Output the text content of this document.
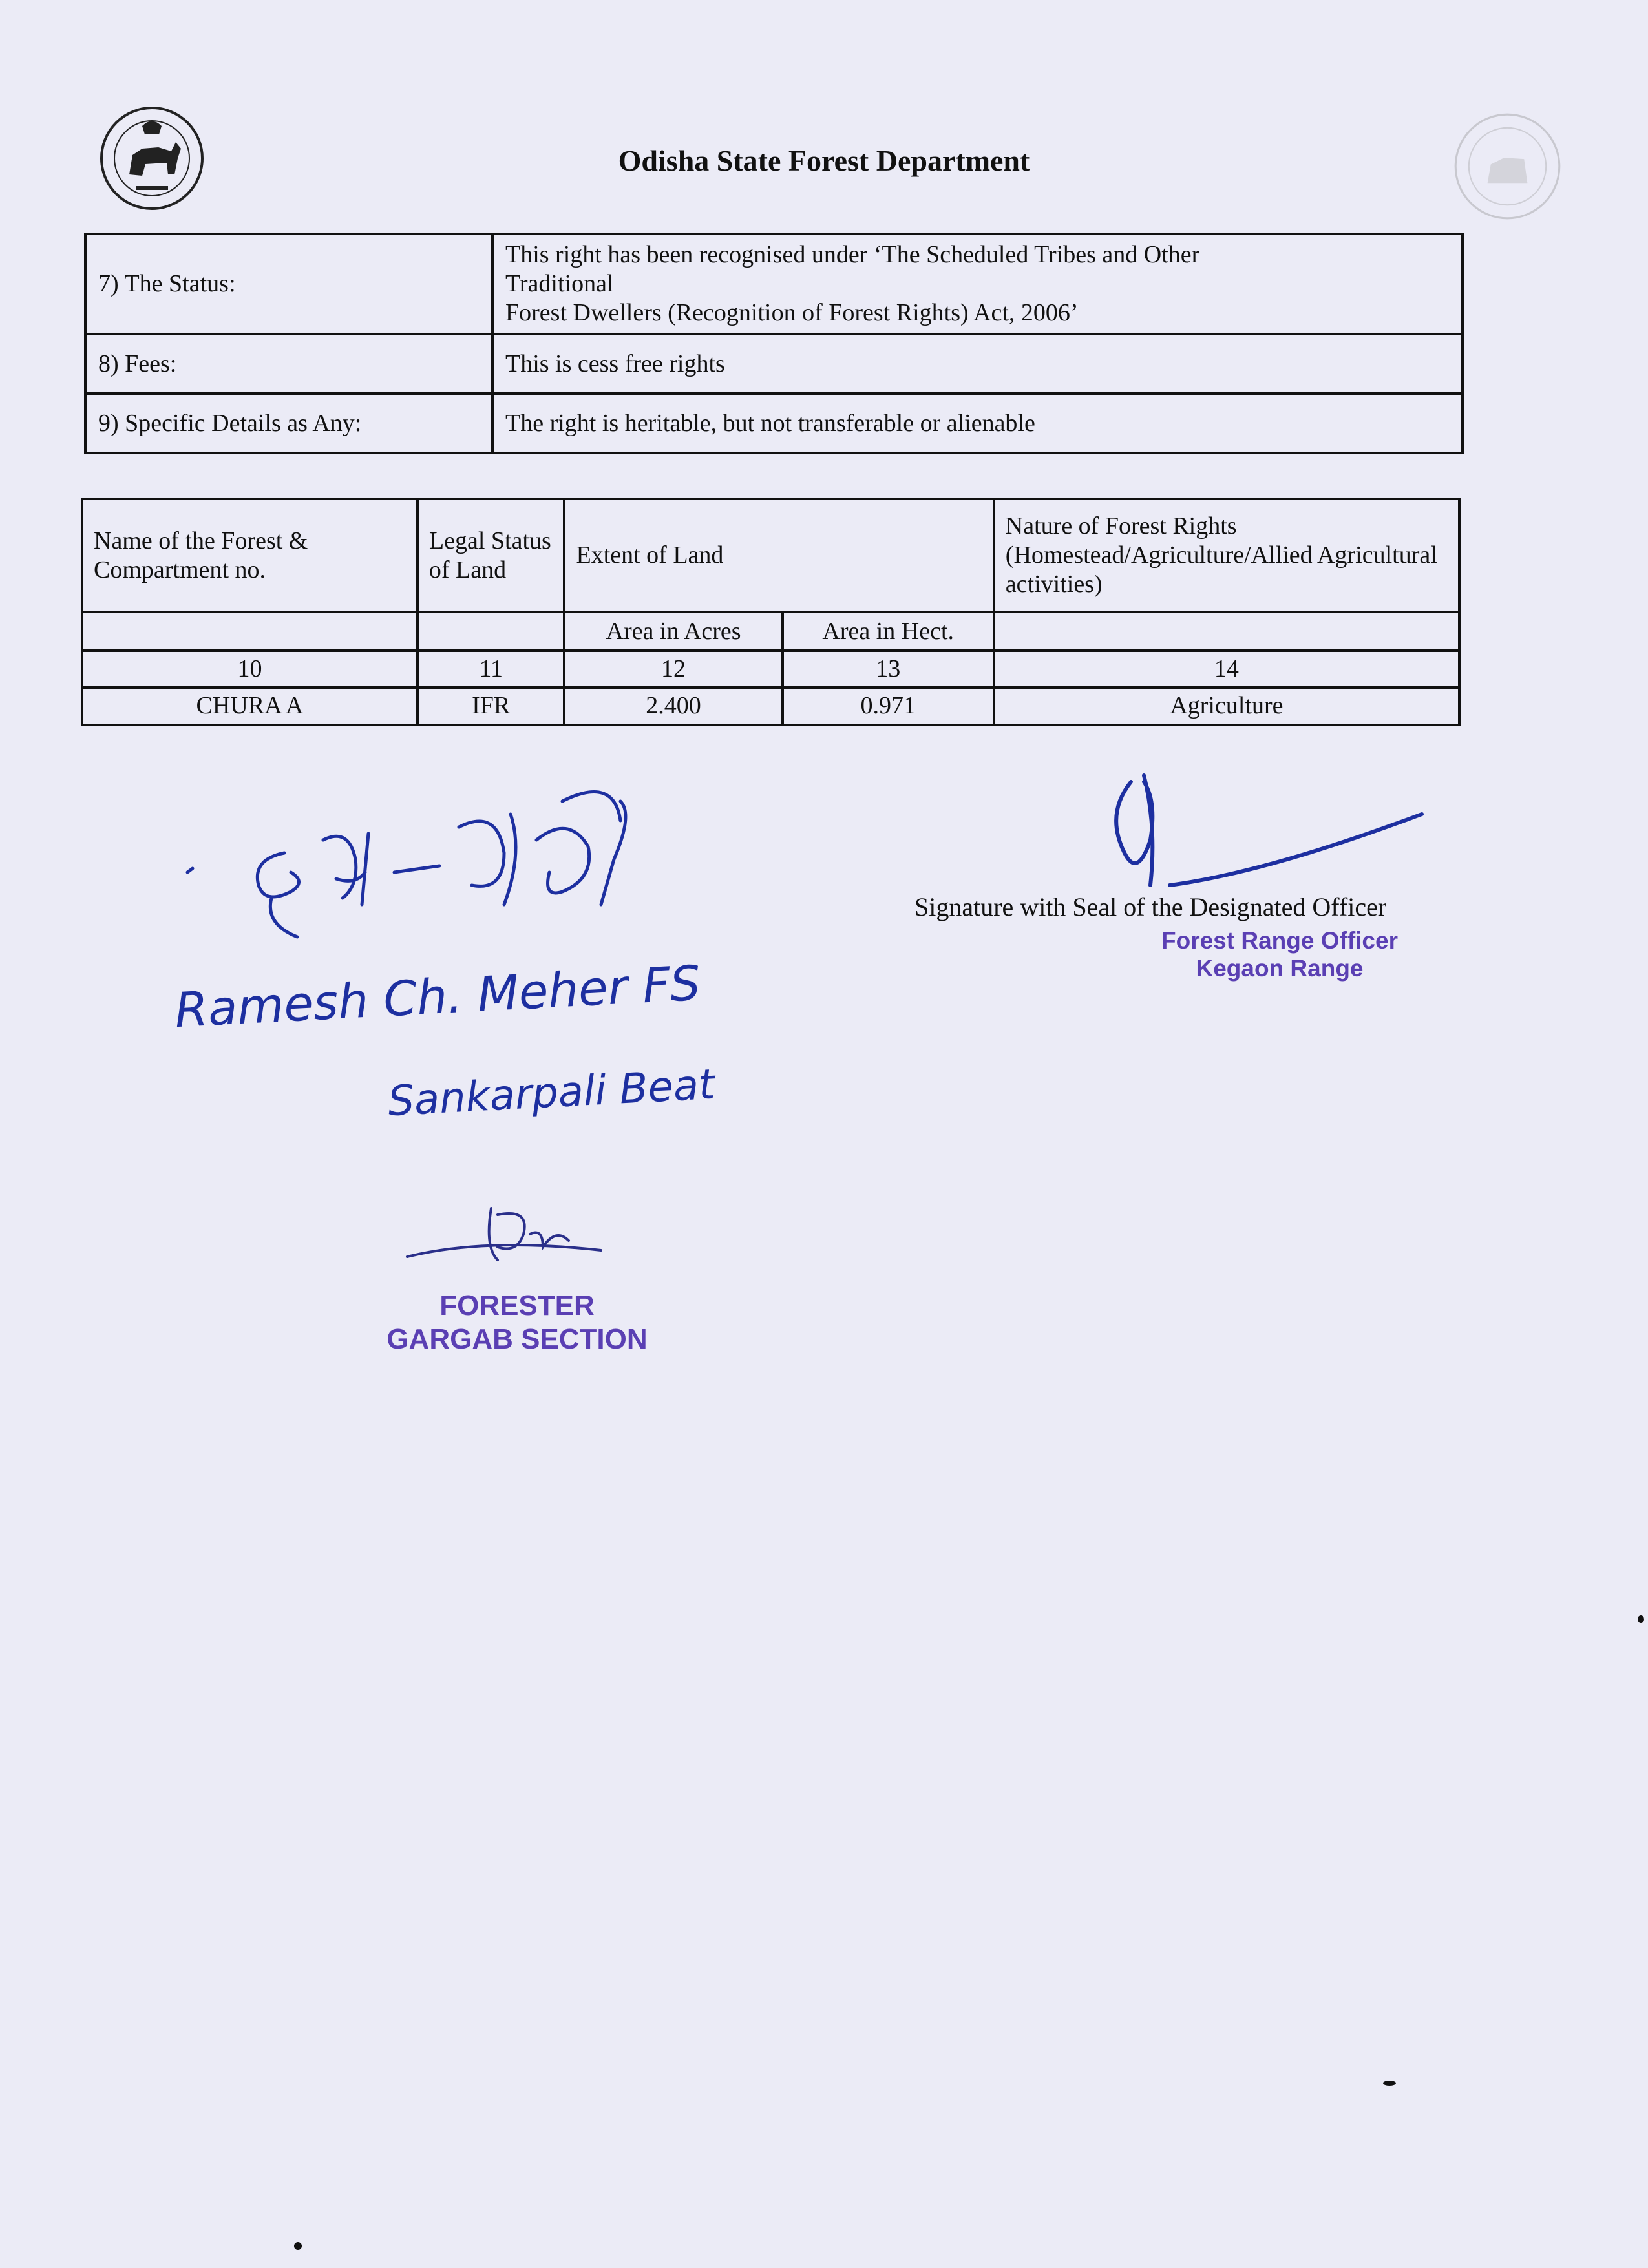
Odisha State Forest Department
7) The Status:	This right has been recognised under ‘The Scheduled Tribes and Other
Traditional
Forest Dwellers (Recognition of Forest Rights) Act, 2006’

8) Fees:	This is cess free rights
9) Specific Details as Any:	The right is heritable, but not transferable or alienable
Name of the Forest & Compartment no.	Legal Status of Land	Extent of Land		Nature of Forest Rights (Homestead/Agriculture/Allied Agricultural activities)
		Area in Acres	Area in Hect.	
10	11	12	13	14
CHURA A	IFR	2.400	0.971	Agriculture
Ramesh Ch. Meher FS
Sankarpali Beat
Signature with Seal of the Designated Officer
Forest Range Officer
Kegaon Range
FORESTER
GARGAB SECTION
